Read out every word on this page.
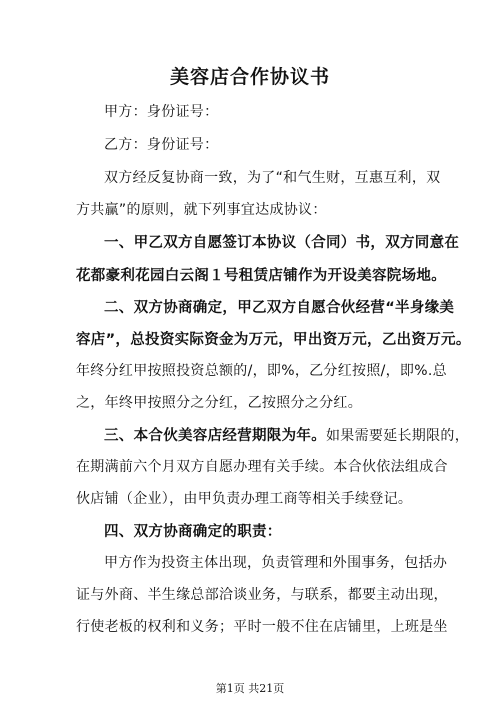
美容店合作协议书
甲方：身份证号：
乙方：身份证号：
双方经反复协商一致，为了“和气生财，互惠互利，双
方共赢”的原则，就下列事宜达成协议：
一、甲乙双方自愿签订本协议（合同）书，双方同意在
花都豪利花园白云阁１号租赁店铺作为开设美容院场地。
二、双方协商确定，甲乙双方自愿合伙经营“半身缘美
容店”，总投资实际资金为万元，甲出资万元，乙出资万元。
年终分红甲按照投资总额的/，即%，乙分红按照/，即%.总
之，年终甲按照分之分红，乙按照分之分红。
三、本合伙美容店经营期限为年。如果需要延长期限的，
在期满前六个月双方自愿办理有关手续。本合伙依法组成合
伙店铺（企业），由甲负责办理工商等相关手续登记。
四、双方协商确定的职责：
甲方作为投资主体出现，负责管理和外围事务，包括办
证与外商、半生缘总部洽谈业务，与联系，都要主动出现，
行使老板的权利和义务；平时一般不住在店铺里，上班是坐
第1页 共21页
